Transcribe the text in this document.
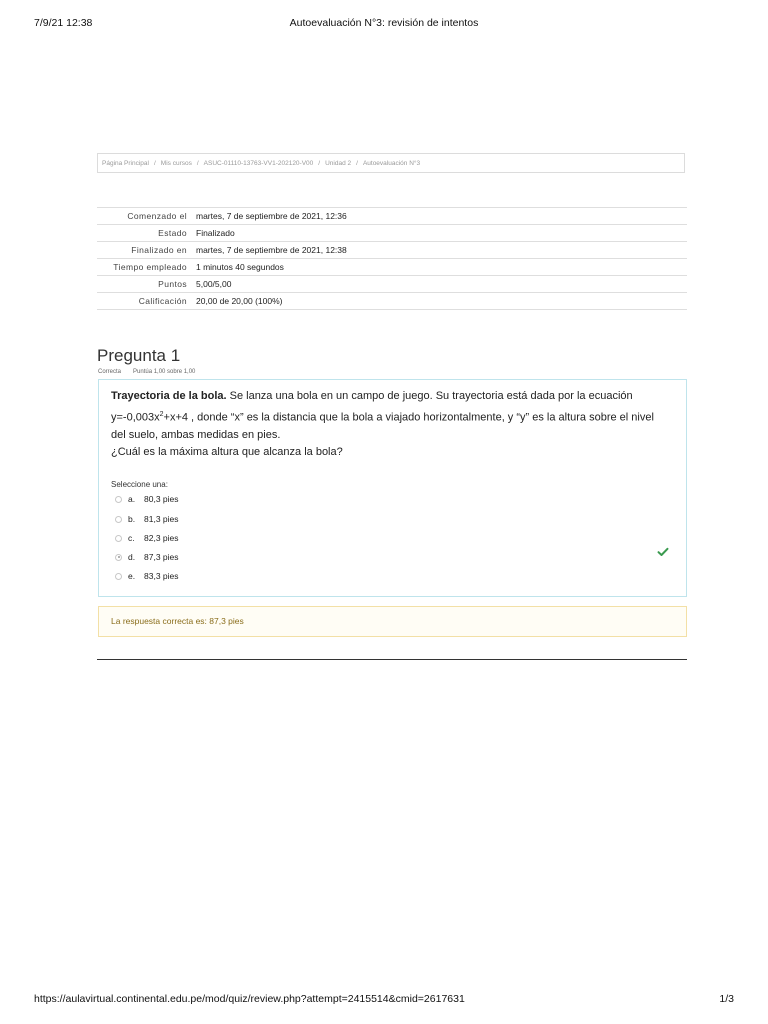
7/9/21 12:38	Autoevaluación N°3: revisión de intentos
Página Principal / Mis cursos / ASUC-01110-13763-VV1-202120-V00 / Unidad 2 / Autoevaluación N°3
Comenzado el	martes, 7 de septiembre de 2021, 12:36
Estado	Finalizado
Finalizado en	martes, 7 de septiembre de 2021, 12:38
Tiempo empleado	1 minutos 40 segundos
Puntos	5,00/5,00
Calificación	20,00 de 20,00 (100%)
Pregunta 1
Correcta Puntúa 1,00 sobre 1,00
Trayectoria de la bola. Se lanza una bola en un campo de juego. Su trayectoria está dada por la ecuación $y=-0,003x^2+x+4$ , donde “x” es la distancia que la bola a viajado horizontalmente, y “y” es la altura sobre el nivel del suelo, ambas medidas en pies.
¿Cuál es la máxima altura que alcanza la bola?
Seleccione una:
a.	80,3 pies
b.	81,3 pies
c.	82,3 pies
d.	87,3 pies
e.	83,3 pies
La respuesta correcta es: 87,3 pies
https://aulavirtual.continental.edu.pe/mod/quiz/review.php?attempt=2415514&cmid=2617631	1/3
